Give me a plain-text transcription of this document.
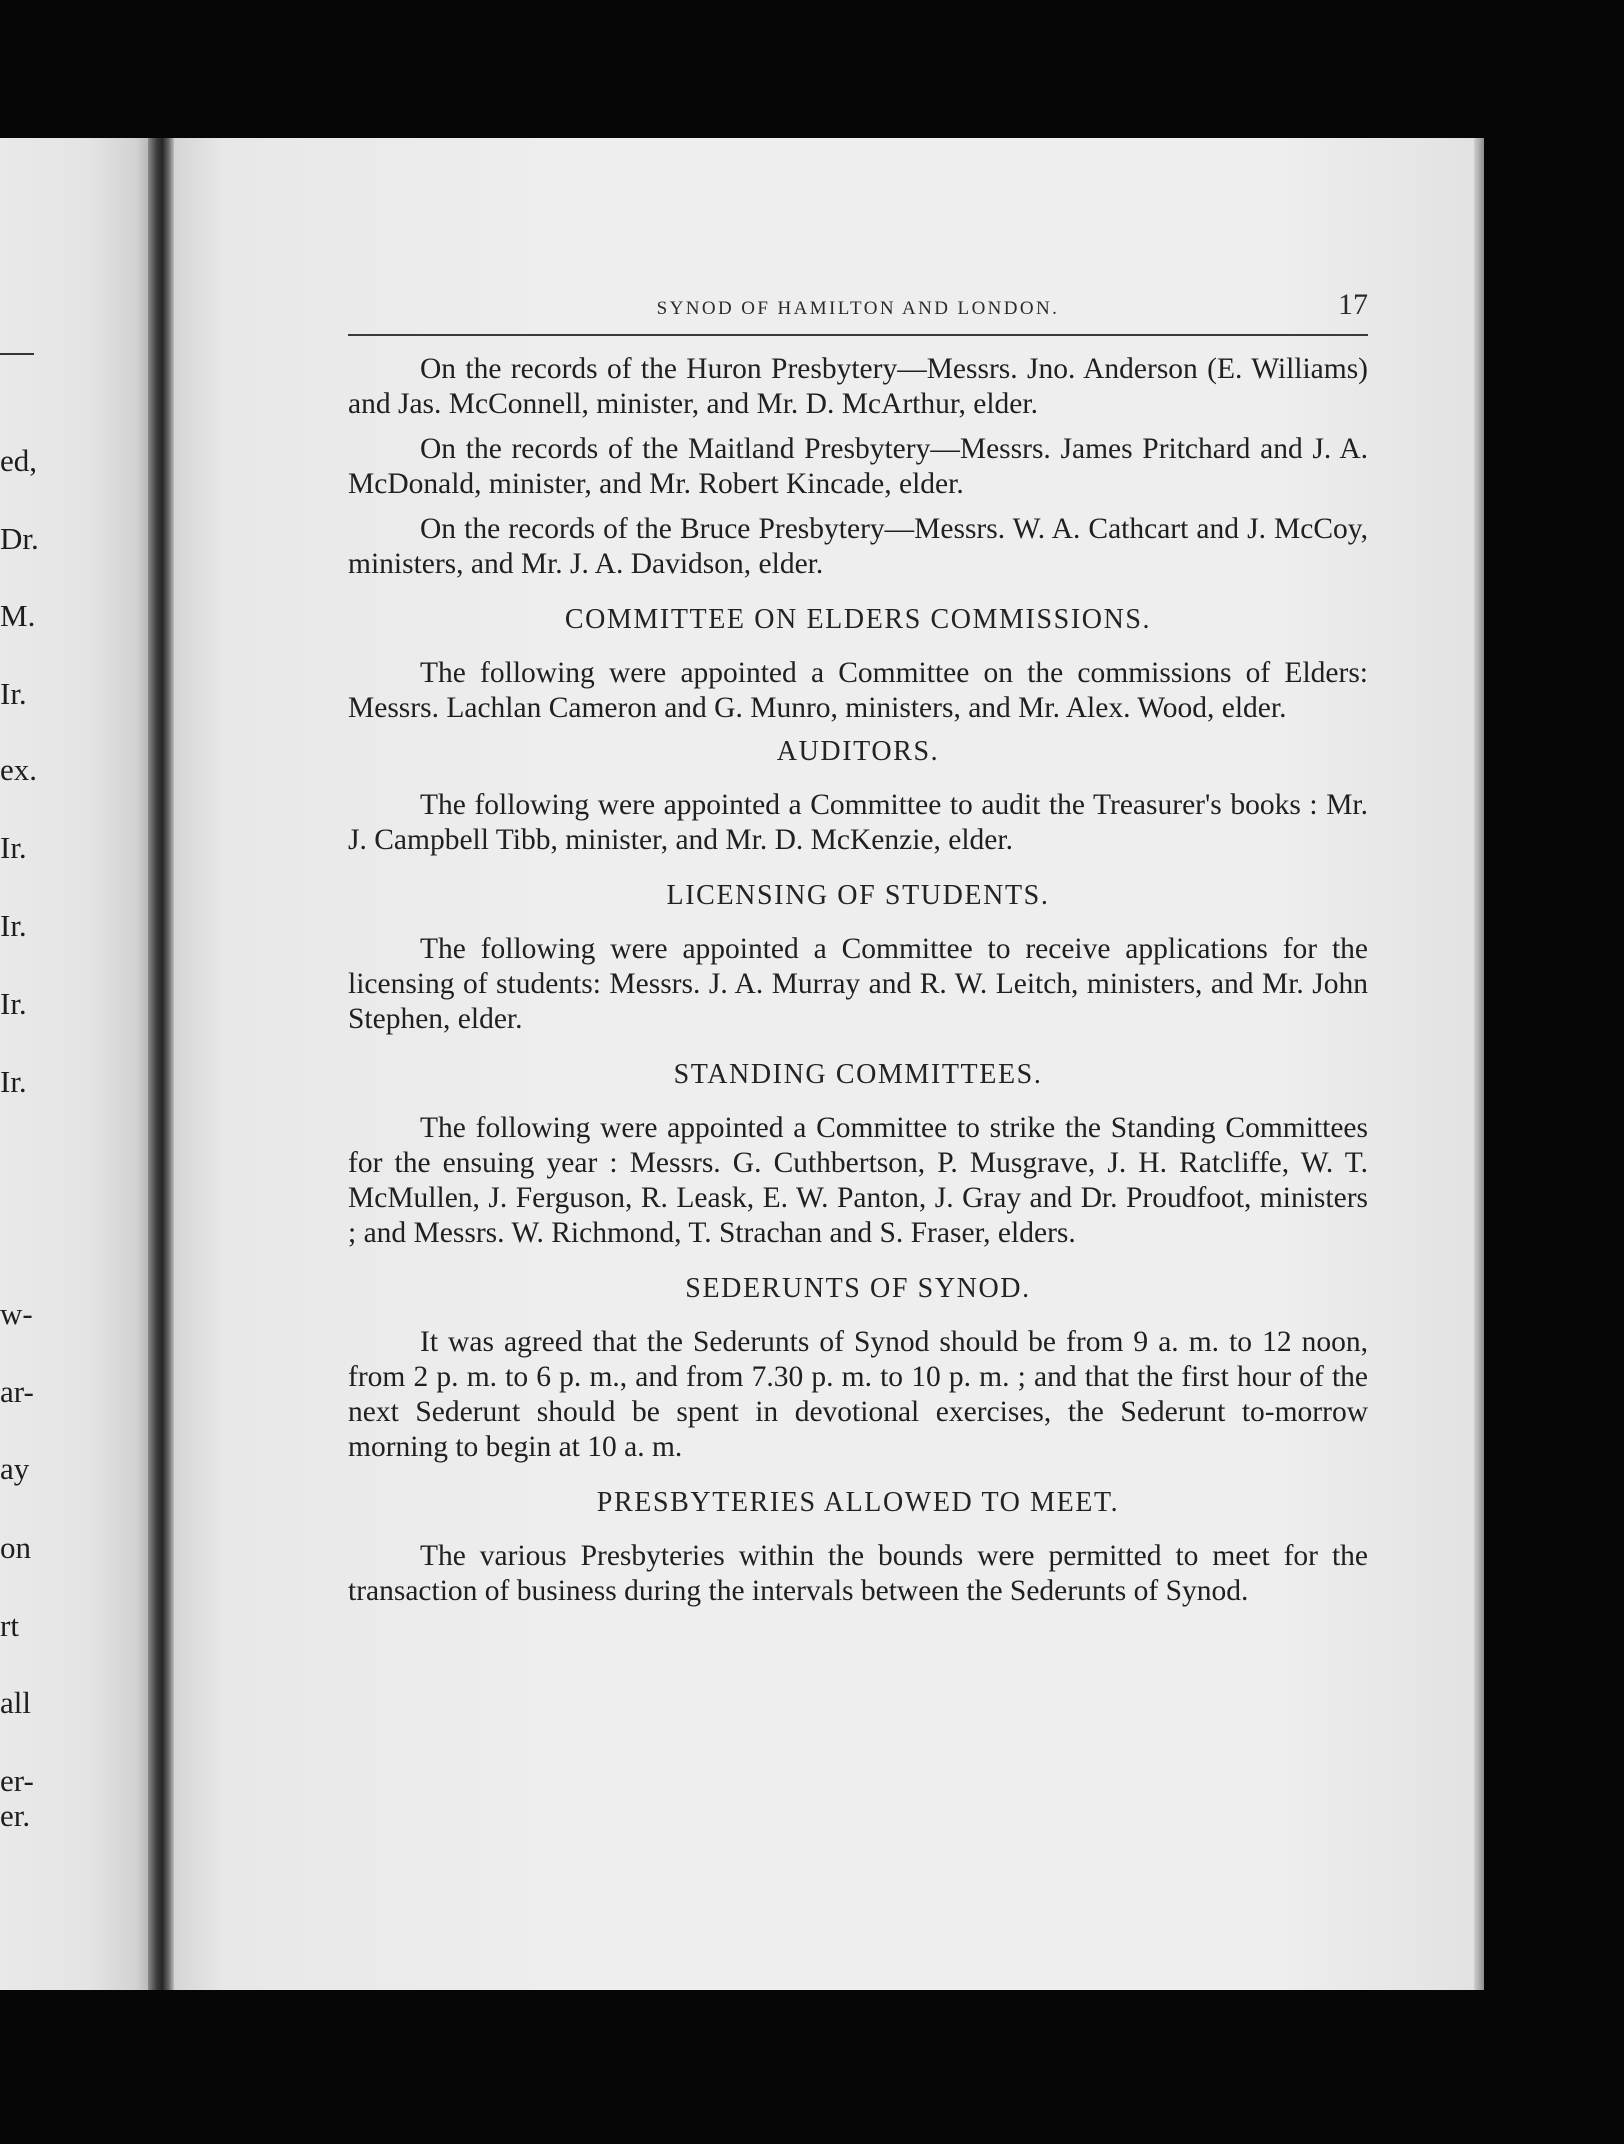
ed,
Dr.
M.
Ir.
ex.
Ir.
Ir.
Ir.
Ir.
w-
ar-
ay
on
rt
all
er-
er.
SYNOD OF HAMILTON AND LONDON.	17

On the records of the Huron Presbytery—Messrs. Jno. Anderson (E. Williams) and Jas. McConnell, minister, and Mr. D. McArthur, elder.

On the records of the Maitland Presbytery—Messrs. James Pritchard and J. A. McDonald, minister, and Mr. Robert Kincade, elder.

On the records of the Bruce Presbytery—Messrs. W. A. Cathcart and J. McCoy, ministers, and Mr. J. A. Davidson, elder.

COMMITTEE ON ELDERS COMMISSIONS.

The following were appointed a Committee on the commissions of Elders: Messrs. Lachlan Cameron and G. Munro, ministers, and Mr. Alex. Wood, elder.

AUDITORS.

The following were appointed a Committee to audit the Treasurer's books : Mr. J. Campbell Tibb, minister, and Mr. D. McKenzie, elder.

LICENSING OF STUDENTS.

The following were appointed a Committee to receive applications for the licensing of students: Messrs. J. A. Murray and R. W. Leitch, ministers, and Mr. John Stephen, elder.

STANDING COMMITTEES.

The following were appointed a Committee to strike the Standing Committees for the ensuing year : Messrs. G. Cuthbertson, P. Musgrave, J. H. Ratcliffe, W. T. McMullen, J. Ferguson, R. Leask, E. W. Panton, J. Gray and Dr. Proudfoot, ministers ; and Messrs. W. Richmond, T. Strachan and S. Fraser, elders.

SEDERUNTS OF SYNOD.

It was agreed that the Sederunts of Synod should be from 9 a. m. to 12 noon, from 2 p. m. to 6 p. m., and from 7.30 p. m. to 10 p. m. ; and that the first hour of the next Sederunt should be spent in devotional exercises, the Sederunt to-morrow morning to begin at 10 a. m.

PRESBYTERIES ALLOWED TO MEET.

The various Presbyteries within the bounds were permitted to meet for the transaction of business during the intervals between the Sederunts of Synod.
